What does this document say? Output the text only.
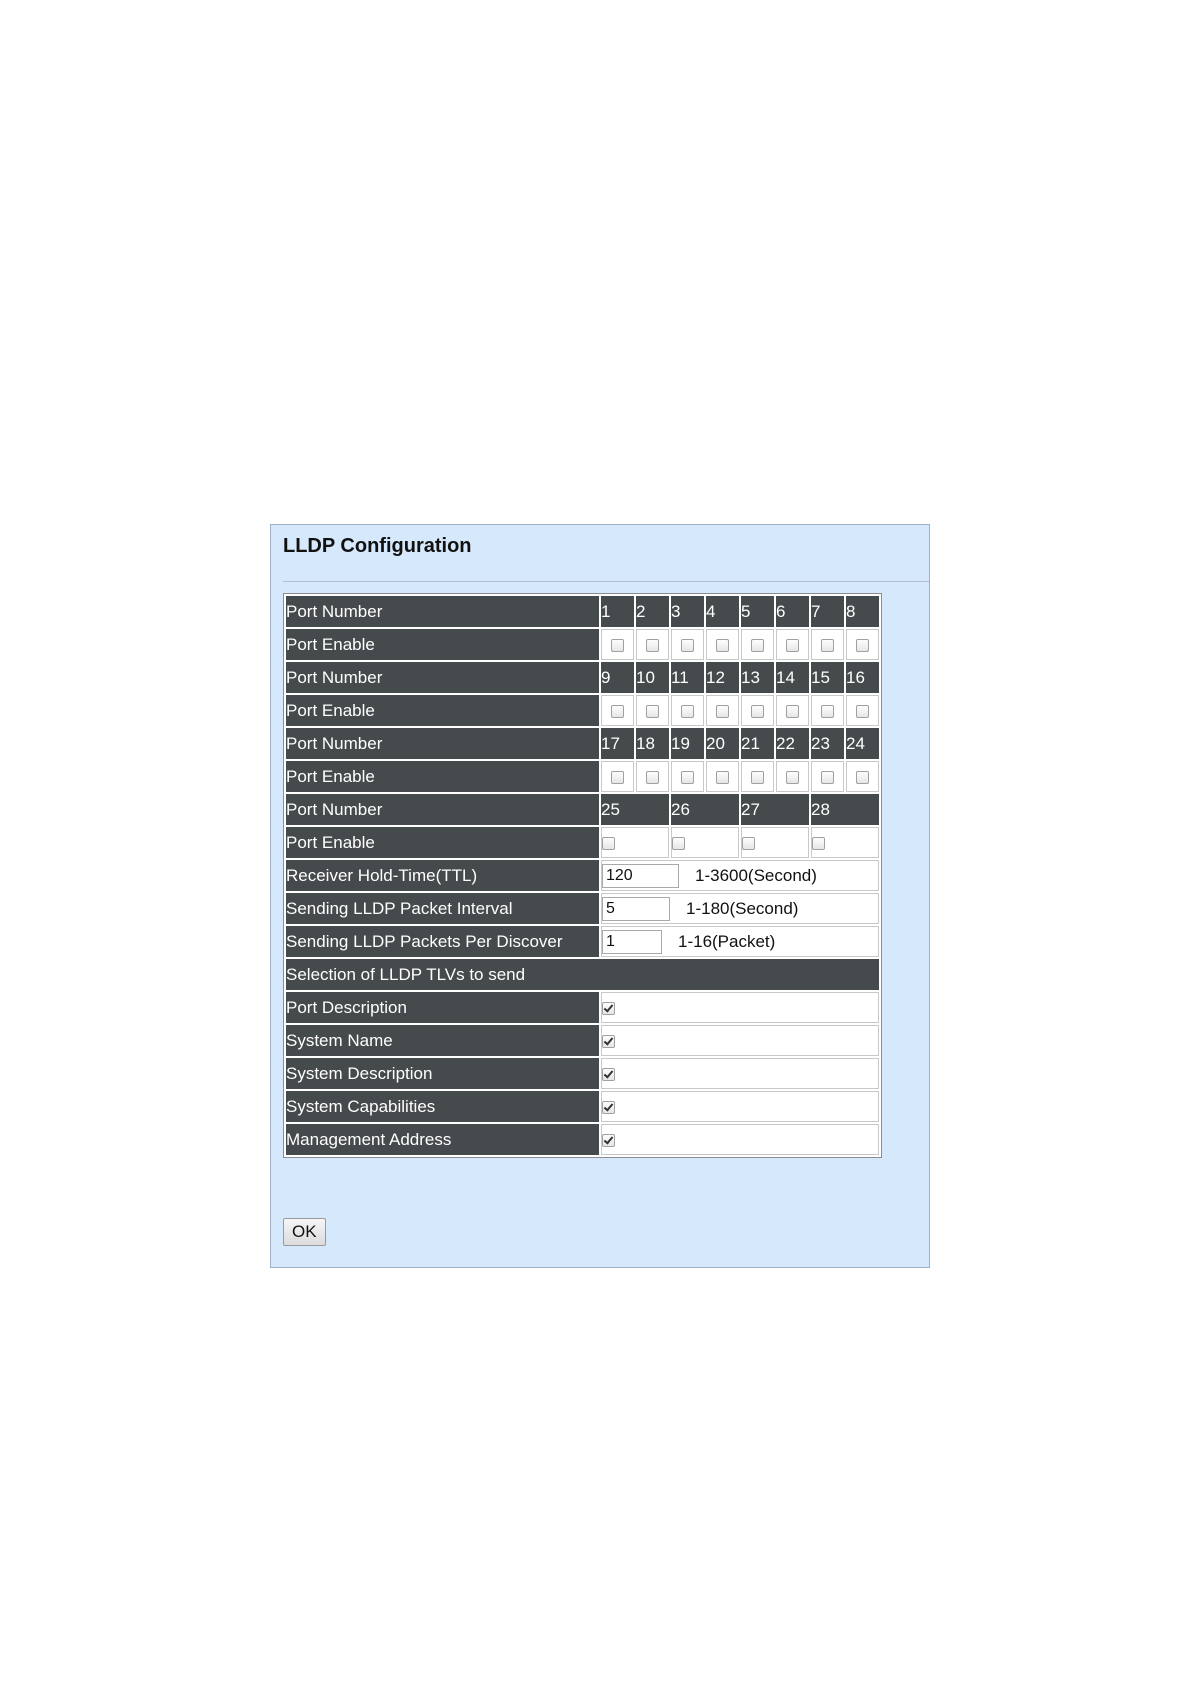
LLDP Configuration
Port Number	1	2	3	4	5	6	7	8
Port Enable								
Port Number	9	10	11	12	13	14	15	16
Port Enable								
Port Number	17	18	19	20	21	22	23	24
Port Enable								
Port Number	25		26		27		28	
Port Enable								
Receiver Hold-Time(TTL)	120 1-3600(Second)							
Sending LLDP Packet Interval	5 1-180(Second)							
Sending LLDP Packets Per Discover	1 1-16(Packet)							
Selection of LLDP TLVs to send								
Port Description								
System Name								
System Description								
System Capabilities								
Management Address								
OK
